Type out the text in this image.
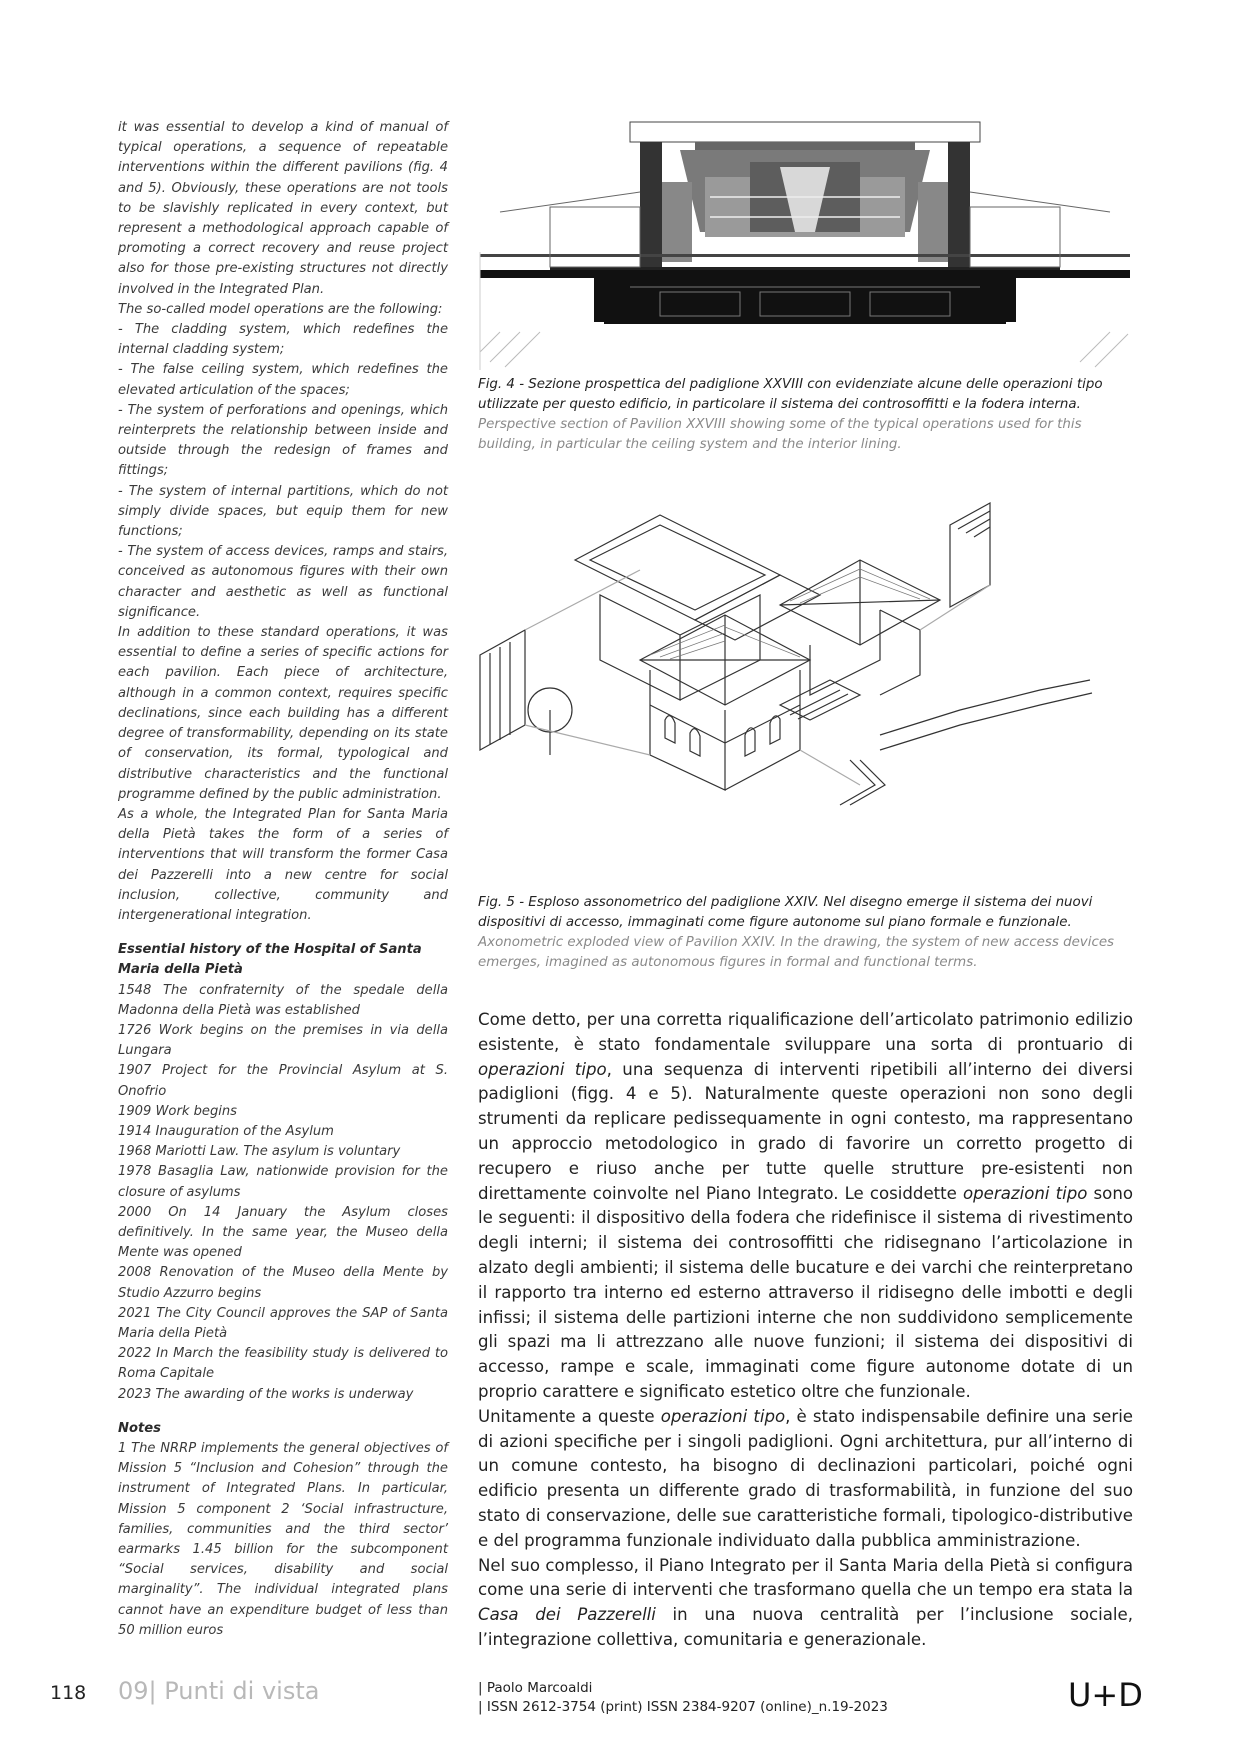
it was essential to develop a kind of manual of typical operations, a sequence of repeatable interventions within the different pavilions (fig. 4 and 5). Obviously, these operations are not tools to be slavishly replicated in every context, but represent a methodological approach capable of promoting a correct recovery and reuse project also for those pre-existing structures not directly involved in the Integrated Plan.

The so-called model operations are the following:

- The cladding system, which redefines the internal cladding system;

- The false ceiling system, which redefines the elevated articulation of the spaces;

- The system of perforations and openings, which reinterprets the relationship between inside and outside through the redesign of frames and fittings;

- The system of internal partitions, which do not simply divide spaces, but equip them for new functions;

- The system of access devices, ramps and stairs, conceived as autonomous figures with their own character and aesthetic as well as functional significance.

In addition to these standard operations, it was essential to define a series of specific actions for each pavilion. Each piece of architecture, although in a common context, requires specific declinations, since each building has a different degree of transformability, depending on its state of conservation, its formal, typological and distributive characteristics and the functional programme defined by the public administration.

As a whole, the Integrated Plan for Santa Maria della Pietà takes the form of a series of interventions that will transform the former Casa dei Pazzerelli into a new centre for social inclusion, collective, community and intergenerational integration.

Essential history of the Hospital of Santa Maria della Pietà

1548 The confraternity of the spedale della Madonna della Pietà was established

1726 Work begins on the premises in via della Lungara

1907 Project for the Provincial Asylum at S. Onofrio

1909 Work begins

1914 Inauguration of the Asylum

1968 Mariotti Law. The asylum is voluntary

1978 Basaglia Law, nationwide provision for the closure of asylums

2000 On 14 January the Asylum closes definitively. In the same year, the Museo della Mente was opened

2008 Renovation of the Museo della Mente by Studio Azzurro begins

2021 The City Council approves the SAP of Santa Maria della Pietà

2022 In March the feasibility study is delivered to Roma Capitale

2023 The awarding of the works is underway

Notes

1 The NRRP implements the general objectives of Mission 5 “Inclusion and Cohesion” through the instrument of Integrated Plans. In particular, Mission 5 component 2 ‘Social infrastructure, families, communities and the third sector’ earmarks 1.45 billion for the subcomponent “Social services, disability and social marginality”. The individual integrated plans cannot have an expenditure budget of less than 50 million euros

Fig. 4 - Sezione prospettica del padiglione XXVIII con evidenziate alcune delle operazioni tipo utilizzate per questo edificio, in particolare il sistema dei controsoffitti e la fodera interna.
Perspective section of Pavilion XXVIII showing some of the typical operations used for this building, in particular the ceiling system and the interior lining.
Fig. 5 - Esploso assonometrico del padiglione XXIV. Nel disegno emerge il sistema dei nuovi dispositivi di accesso, immaginati come figure autonome sul piano formale e funzionale.
Axonometric exploded view of Pavilion XXIV. In the drawing, the system of new access devices emerges, imagined as autonomous figures in formal and functional terms.

Come detto, per una corretta riqualificazione dell’articolato patrimonio edilizio esistente, è stato fondamentale sviluppare una sorta di prontuario di operazioni tipo, una sequenza di interventi ripetibili all’interno dei diversi padiglioni (figg. 4 e 5). Naturalmente queste operazioni non sono degli strumenti da replicare pedissequamente in ogni contesto, ma rappresentano un approccio metodologico in grado di favorire un corretto progetto di recupero e riuso anche per tutte quelle strutture pre-esistenti non direttamente coinvolte nel Piano Integrato. Le cosiddette operazioni tipo sono le seguenti: il dispositivo della fodera che ridefinisce il sistema di rivestimento degli interni; il sistema dei controsoffitti che ridisegnano l’articolazione in alzato degli ambienti; il sistema delle bucature e dei varchi che reinterpretano il rapporto tra interno ed esterno attraverso il ridisegno delle imbotti e degli infissi; il sistema delle partizioni interne che non suddividono semplicemente gli spazi ma li attrezzano alle nuove funzioni; il sistema dei dispositivi di accesso, rampe e scale, immaginati come figure autonome dotate di un proprio carattere e significato estetico oltre che funzionale.

Unitamente a queste operazioni tipo, è stato indispensabile definire una serie di azioni specifiche per i singoli padiglioni. Ogni architettura, pur all’interno di un comune contesto, ha bisogno di declinazioni particolari, poiché ogni edificio presenta un differente grado di trasformabilità, in funzione del suo stato di conservazione, delle sue caratteristiche formali, tipologico-distributive e del programma funzionale individuato dalla pubblica amministrazione.

Nel suo complesso, il Piano Integrato per il Santa Maria della Pietà si configura come una serie di interventi che trasformano quella che un tempo era stata la Casa dei Pazzerelli in una nuova centralità per l’inclusione sociale, l’integrazione collettiva, comunitaria e generazionale.

118 09| Punti di vista	| Paolo Marcoaldi
| ISSN 2612-3754 (print) ISSN 2384-9207 (online)_n.19-2023	U+D
